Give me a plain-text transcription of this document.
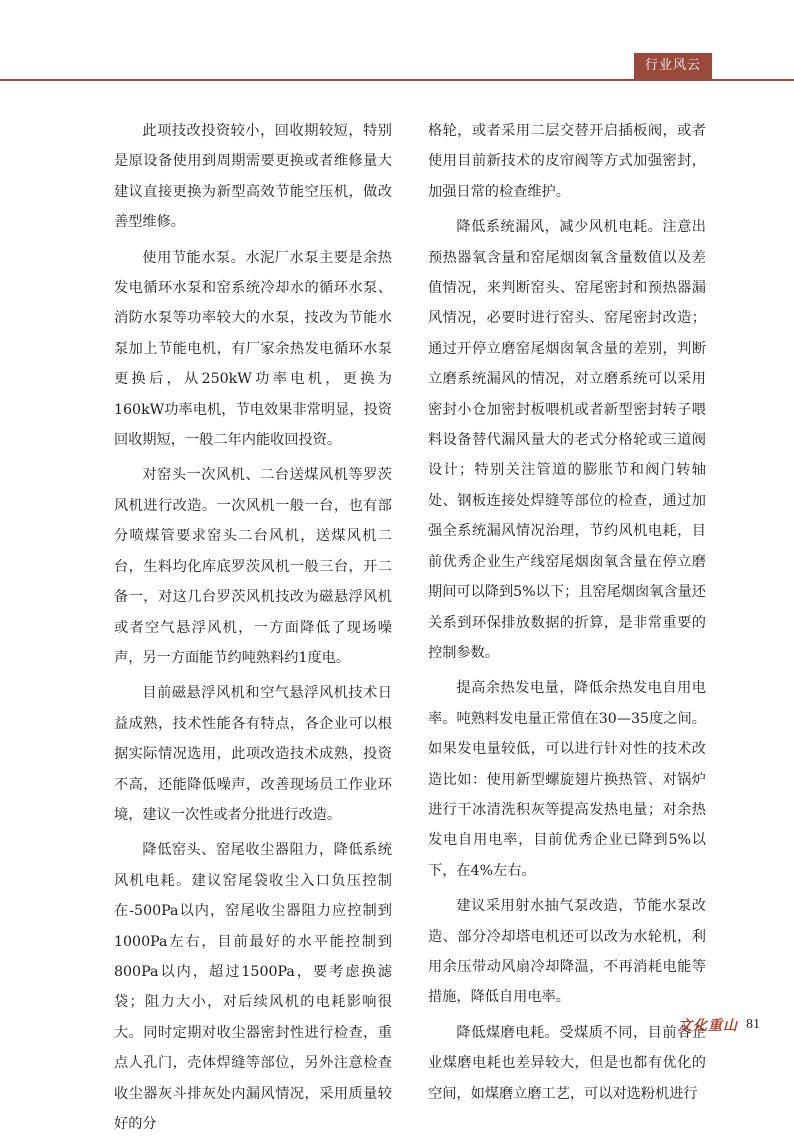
行业风云

此项技改投资较小，回收期较短，特别是原设备使用到周期需要更换或者维修量大建议直接更换为新型高效节能空压机，做改善型维修。

使用节能水泵。水泥厂水泵主要是余热发电循环水泵和窑系统冷却水的循环水泵、消防水泵等功率较大的水泵，技改为节能水泵加上节能电机，有厂家余热发电循环水泵更换后，从250kW功率电机，更换为160kW功率电机，节电效果非常明显，投资回收期短，一般二年内能收回投资。

对窑头一次风机、二台送煤风机等罗茨风机进行改造。一次风机一般一台，也有部分喷煤管要求窑头二台风机，送煤风机二台，生料均化库底罗茨风机一般三台，开二备一，对这几台罗茨风机技改为磁悬浮风机或者空气悬浮风机，一方面降低了现场噪声，另一方面能节约吨熟料约1度电。

目前磁悬浮风机和空气悬浮风机技术日益成熟，技术性能各有特点，各企业可以根据实际情况选用，此项改造技术成熟，投资不高，还能降低噪声，改善现场员工作业环境，建议一次性或者分批进行改造。

降低窑头、窑尾收尘器阻力，降低系统风机电耗。建议窑尾袋收尘入口负压控制在-500Pa以内，窑尾收尘器阻力应控制到1000Pa左右，目前最好的水平能控制到800Pa以内，超过1500Pa，要考虑换滤袋；阻力大小，对后续风机的电耗影响很大。同时定期对收尘器密封性进行检查，重点人孔门，壳体焊缝等部位，另外注意检查收尘器灰斗排灰处内漏风情况，采用质量较好的分

格轮，或者采用二层交替开启插板阀，或者使用目前新技术的皮帘阀等方式加强密封，加强日常的检查维护。

降低系统漏风，减少风机电耗。注意出预热器氧含量和窑尾烟囱氧含量数值以及差值情况，来判断窑头、窑尾密封和预热器漏风情况，必要时进行窑头、窑尾密封改造；通过开停立磨窑尾烟囱氧含量的差别，判断立磨系统漏风的情况，对立磨系统可以采用密封小仓加密封板喂机或者新型密封转子喂料设备替代漏风量大的老式分格轮或三道阀设计；特别关注管道的膨胀节和阀门转轴处、钢板连接处焊缝等部位的检查，通过加强全系统漏风情况治理，节约风机电耗，目前优秀企业生产线窑尾烟囱氧含量在停立磨期间可以降到5%以下；且窑尾烟囱氧含量还关系到环保排放数据的折算，是非常重要的控制参数。

提高余热发电量，降低余热发电自用电率。吨熟料发电量正常值在30—35度之间。如果发电量较低，可以进行针对性的技术改造比如：使用新型螺旋翅片换热管、对锅炉进行干冰清洗积灰等提高发热电量；对余热发电自用电率，目前优秀企业已降到5%以下，在4%左右。

建议采用射水抽气泵改造，节能水泵改造、部分冷却塔电机还可以改为水轮机，利用余压带动风扇冷却降温，不再消耗电能等措施，降低自用电率。

降低煤磨电耗。受煤质不同，目前各企业煤磨电耗也差异较大，但是也都有优化的空间，如煤磨立磨工艺，可以对选粉机进行

文化重山 81
